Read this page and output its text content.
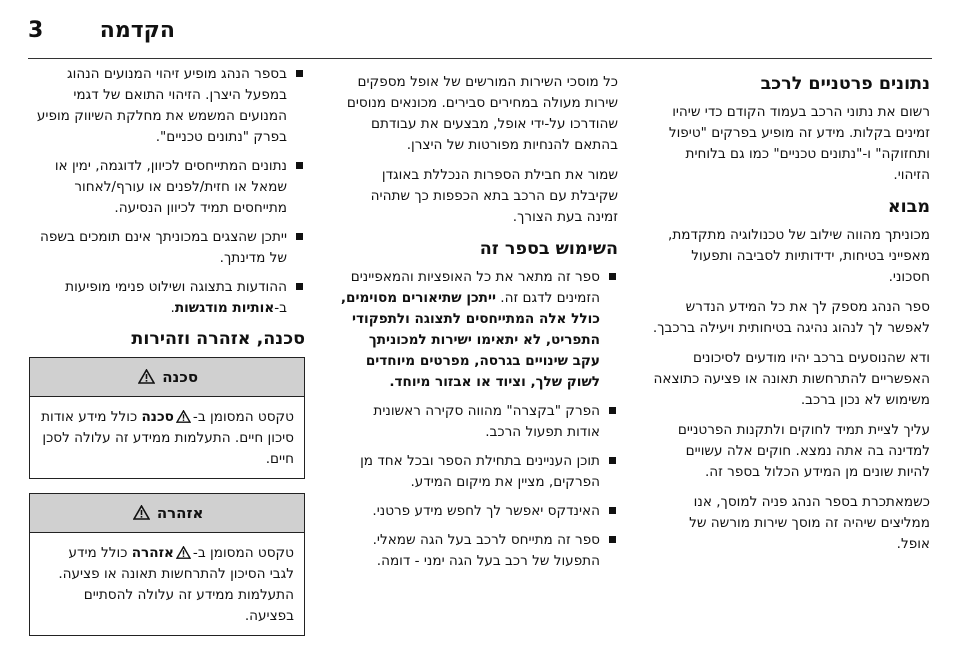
3	הקדמה
נתונים פרטניים לרכב

רשום את נתוני הרכב בעמוד הקודם כדי שיהיו זמינים בקלות. מידע זה מופיע בפרקים "טיפול ותחזוקה" ו-"נתונים טכניים" כמו גם בלוחית הזיהוי.

מבוא

מכוניתך מהווה שילוב של טכנולוגיה מתקדמת, מאפייני בטיחות, ידידותיות לסביבה ותפעול חסכוני.

ספר הנהג מספק לך את כל המידע הנדרש לאפשר לך לנהוג נהיגה בטיחותית ויעילה ברכבך.

ודא שהנוסעים ברכב יהיו מודעים לסיכונים האפשריים להתרחשות תאונה או פציעה כתוצאה משימוש לא נכון ברכב.

עליך לציית תמיד לחוקים ולתקנות הפרטניים למדינה בה אתה נמצא. חוקים אלה עשויים להיות שונים מן המידע הכלול בספר זה.

כשמאתכרת בספר הנהג פניה למוסך, אנו ממליצים שיהיה זה מוסך שירות מורשה של אופל.

כל מוסכי השירות המורשים של אופל מספקים שירות מעולה במחירים סבירים. מכונאים מנוסים שהודרכו על-ידי אופל, מבצעים את עבודתם בהתאם להנחיות מפורטות של היצרן.

שמור את חבילת הספרות הנכללת באוגדן שקיבלת עם הרכב בתא הכפפות כך שתהיה זמינה בעת הצורך.

השימוש בספר זה
ספר זה מתאר את כל האופציות והמאפיינים הזמינים לדגם זה. ייתכן שתיאורים מסוימים, כולל אלה המתייחסים לתצוגה ולתפקודי התפריט, לא יתאימו ישירות למכוניתך עקב שינויים בגרסה, מפרטים מיוחדים לשוק שלך, וציוד או אבזור מיוחד.
הפרק "בקצרה" מהווה סקירה ראשונית אודות תפעול הרכב.
תוכן העניינים בתחילת הספר ובכל אחד מן הפרקים, מציין את מיקום המידע.
האינדקס יאפשר לך לחפש מידע פרטני.
ספר זה מתייחס לרכב בעל הגה שמאלי. התפעול של רכב בעל הגה ימני - דומה.
בספר הנהג מופיע זיהוי המנועים הנהוג במפעל היצרן. הזיהוי התואם של דגמי המנועים המשמש את מחלקת השיווק מופיע בפרק "נתונים טכניים".
נתונים המתייחסים לכיוון, לדוגמה, ימין או שמאל או חזית/לפנים או עורף/לאחור מתייחסים תמיד לכיוון הנסיעה.
ייתכן שהצגים במכוניתך אינם תומכים בשפה של מדינתך.
ההודעות בתצוגה ושילוט פנימי מופיעות ב-אותיות מודגשות.
סכנה, אזהרה וזהירות
סכנה
טקסט המסומן ב-סכנה כולל מידע אודות סיכון חיים. התעלמות ממידע זה עלולה לסכן חיים.
אזהרה
טקסט המסומן ב-אזהרה כולל מידע לגבי הסיכון להתרחשות תאונה או פציעה. התעלמות ממידע זה עלולה להסתיים בפציעה.
